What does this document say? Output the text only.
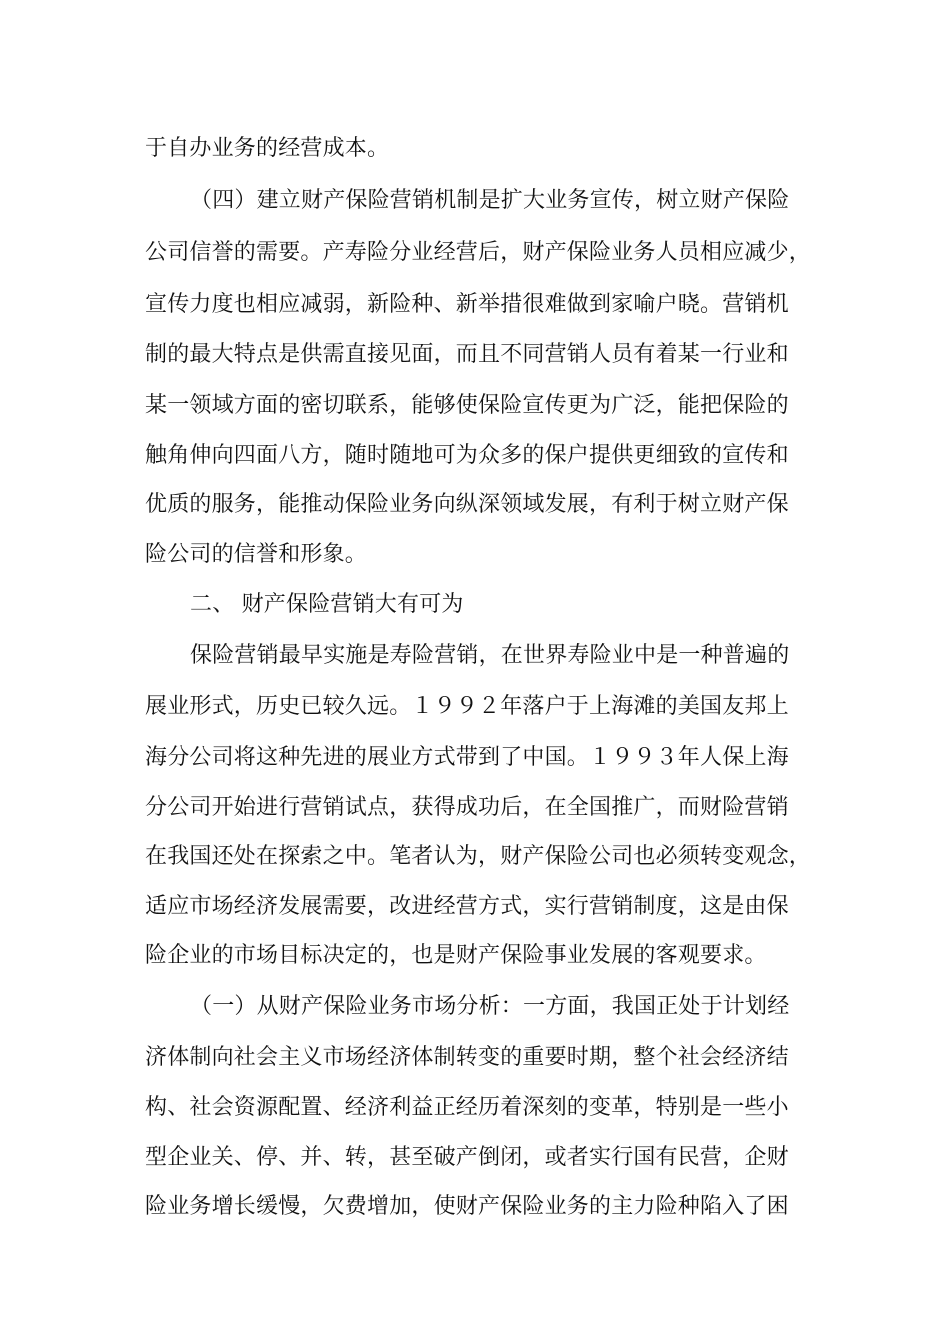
于自办业务的经营成本。
（四）建立财产保险营销机制是扩大业务宣传，树立财产保险
公司信誉的需要。产寿险分业经营后，财产保险业务人员相应减少，
宣传力度也相应减弱，新险种、新举措很难做到家喻户晓。营销机
制的最大特点是供需直接见面，而且不同营销人员有着某一行业和
某一领域方面的密切联系，能够使保险宣传更为广泛，能把保险的
触角伸向四面八方，随时随地可为众多的保户提供更细致的宣传和
优质的服务，能推动保险业务向纵深领域发展，有利于树立财产保
险公司的信誉和形象。
二、 财产保险营销大有可为
保险营销最早实施是寿险营销，在世界寿险业中是一种普遍的
展业形式，历史已较久远。１９９２年落户于上海滩的美国友邦上
海分公司将这种先进的展业方式带到了中国。１９９３年人保上海
分公司开始进行营销试点，获得成功后，在全国推广，而财险营销
在我国还处在探索之中。笔者认为，财产保险公司也必须转变观念，
适应市场经济发展需要，改进经营方式，实行营销制度，这是由保
险企业的市场目标决定的，也是财产保险事业发展的客观要求。
（一）从财产保险业务市场分析：一方面，我国正处于计划经
济体制向社会主义市场经济体制转变的重要时期，整个社会经济结
构、社会资源配置、经济利益正经历着深刻的变革，特别是一些小
型企业关、停、并、转，甚至破产倒闭，或者实行国有民营，企财
险业务增长缓慢，欠费增加，使财产保险业务的主力险种陷入了困
